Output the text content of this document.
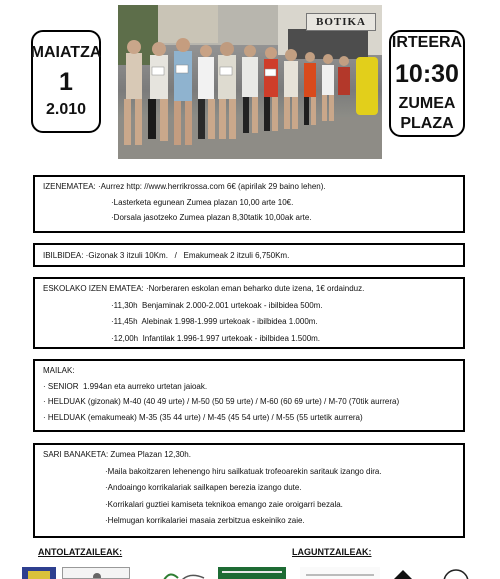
MAIATZA
1
2.010
BOTIKA
IRTEERA
10:30
ZUMEA
PLAZA
IZENEMATEA: ·Aurrez http: //www.herrikrossa.com 6€ (apirilak 29 baino lehen).
·Lasterketa egunean Zumea plazan 10,00 arte 10€.
·Dorsala jasotzeko Zumea plazan 8,30tatik 10,00ak arte.
IBILBIDEA: ·Gizonak 3 itzuli 10Km.   /   Emakumeak 2 itzuli 6,750Km.
ESKOLAKO IZEN EMATEA: ·Norberaren eskolan eman beharko dute izena, 1€ ordainduz.
·11,30h  Benjaminak 2.000-2.001 urtekoak - ibilbidea 500m.
·11,45h  Alebinak 1.998-1.999 urtekoak - ibilbidea 1.000m.
·12,00h  Infantilak 1.996-1.997 urtekoak - ibilbidea 1.500m.
MAILAK:
· SENIOR  1.994an eta aurreko urtetan jaioak.
· HELDUAK (gizonak) M-40 (40 49 urte) / M-50 (50 59 urte) / M-60 (60 69 urte) / M-70 (70tik aurrera)
· HELDUAK (emakumeak) M-35 (35 44 urte) / M-45 (45 54 urte) / M-55 (55 urtetik aurrera)
SARI BANAKETA: Zumea Plazan 12,30h.
·Maila bakoitzaren lehenengo hiru sailkatuak trofeoarekin saritauk izango dira.
·Andoaingo korrikalariak sailkapen berezia izango dute.
·Korrikalari guztiei kamiseta teknikoa emango zaie oroigarri bezala.
·Helmugan korrikalariei masaia zerbitzua eskeiniko zaie.
ANTOLATZAILEAK:	LAGUNTZAILEAK:
